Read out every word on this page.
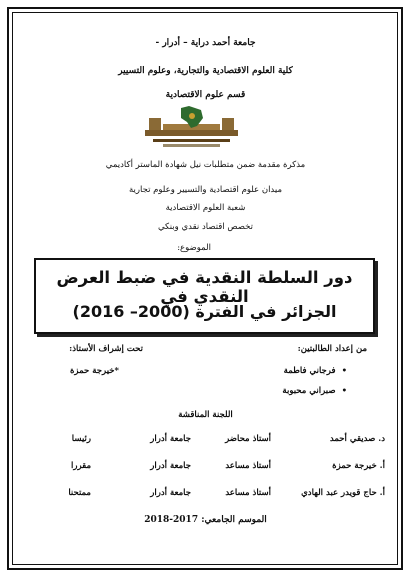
جامعة أحمد دراية – أدرار -
كلية العلوم الاقتصادية والتجارية، وعلوم التسيير
قسم علوم الاقتصادية
مذكرة مقدمة ضمن متطلبات نيل شهادة الماستر أكاديمي
ميدان علوم اقتصادية والتسيير وعلوم تجارية
شعبة العلوم الاقتصادية
تخصص اقتصاد نقدي وبنكي
الموضوع:
دور السلطة النقدية في ضبط العرض النقدي في
الجزائر في الفترة (2000– 2016)
من إعداد الطالبتين:
تحت إشراف الأستاذ:
• فرجاني فاطمة
• صبراني محبوبة
*خيرجة حمزة
اللجنة المناقشة
د. صديقي أحمد
أستاذ محاضر
جامعة أدرار
رئيسا
أ. خيرجة حمزة
أستاذ مساعد
جامعة أدرار
مقررا
أ. حاج قويدر عبد الهادي
أستاذ مساعد
جامعة أدرار
ممتحنا
الموسم الجامعي: 2017-2018
